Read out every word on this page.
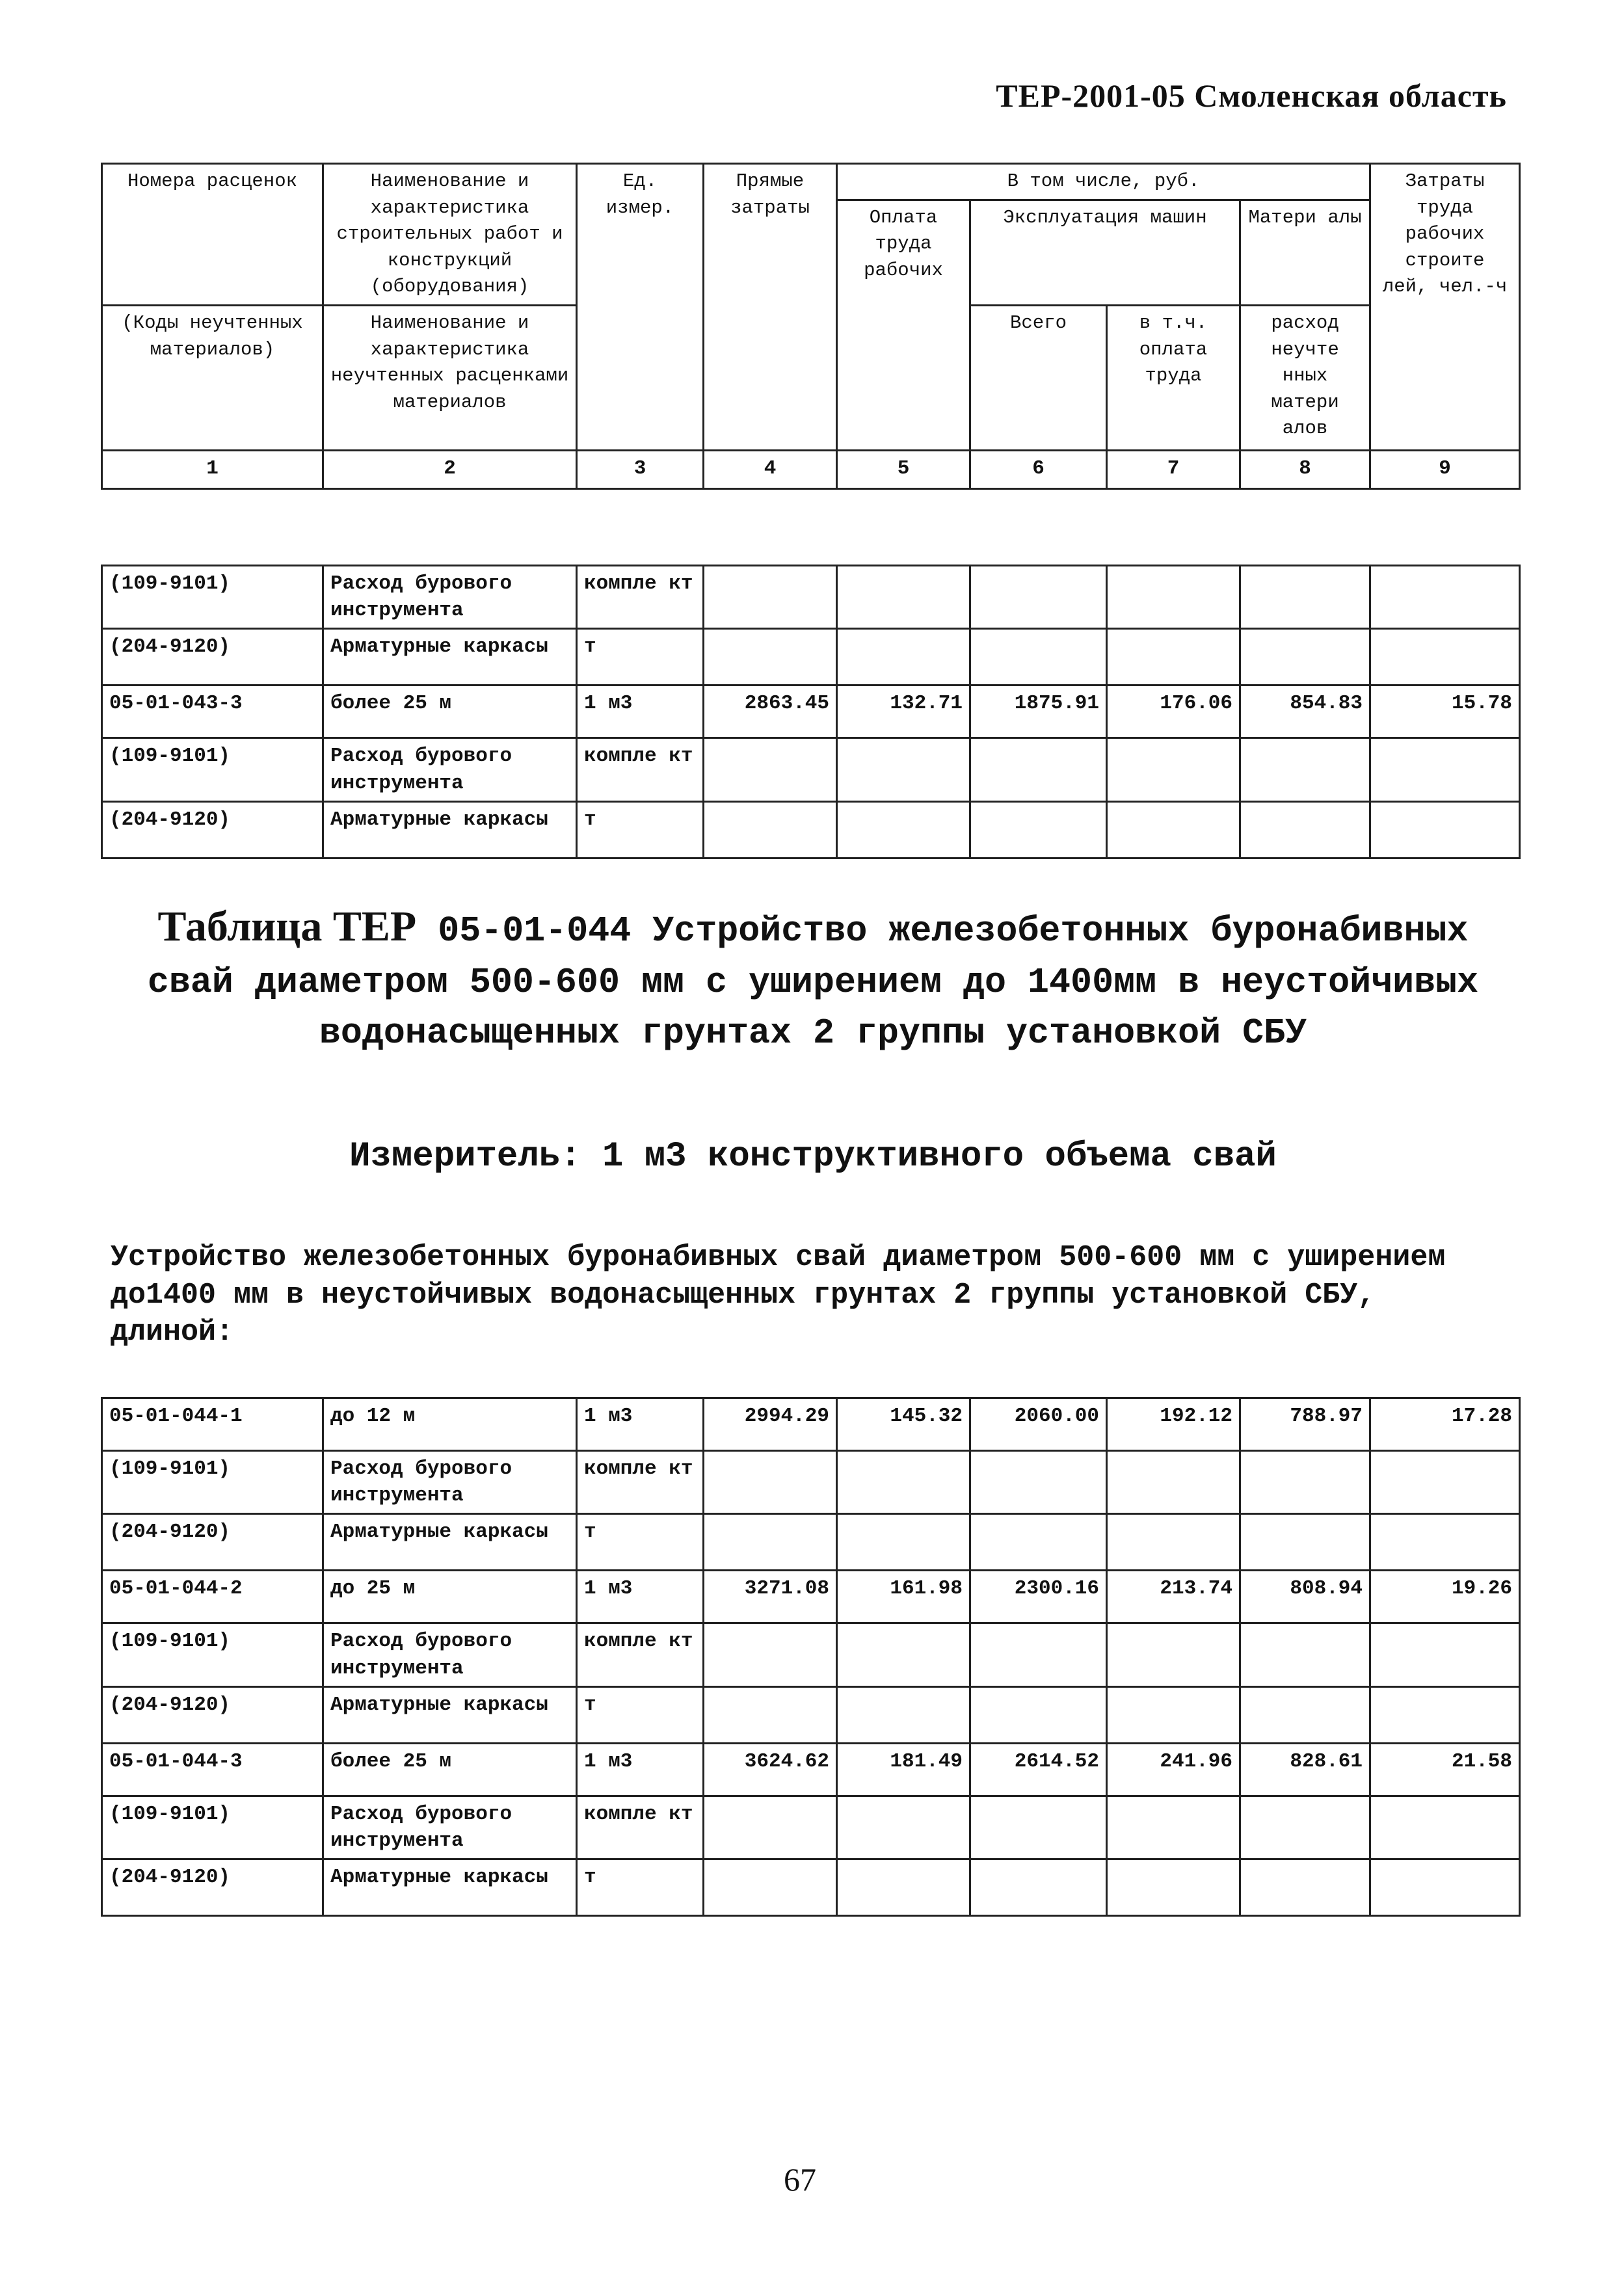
ТЕР-2001-05 Смоленская область
Номера расценок	Наименование и характеристика строительных работ и конструкций (оборудования)	Ед. измер.	Прямые затраты	В том числе, руб.				Затраты труда рабочих строите лей, чел.-ч
				Оплата труда рабочих	Эксплуатация машин		Матери алы	
(Коды неучтенных материалов)	Наименование и характеристика неучтенных расценками материалов				Всего	в т.ч. оплата труда	расход неучте нных матери алов	
1	2	3	4	5	6	7	8	9
(109-9101)	Расход бурового инструмента	компле кт						
(204-9120)	Арматурные каркасы	т						
05-01-043-3	более 25 м	1 м3	2863.45	132.71	1875.91	176.06	854.83	15.78
(109-9101)	Расход бурового инструмента	компле кт						
(204-9120)	Арматурные каркасы	т						
Таблица ТЕР 05-01-044 Устройство железобетонных буронабивных свай диаметром 500-600 мм с уширением до 1400мм в неустойчивых водонасыщенных грунтах 2 группы установкой СБУ
Измеритель: 1 м3 конструктивного объема свай

Устройство железобетонных буронабивных свай диаметром 500-600 мм с уширением до1400 мм в неустойчивых водонасыщенных грунтах 2 группы установкой СБУ, длиной:

05-01-044-1	до 12 м	1 м3	2994.29	145.32	2060.00	192.12	788.97	17.28
(109-9101)	Расход бурового инструмента	компле кт						
(204-9120)	Арматурные каркасы	т						
05-01-044-2	до 25 м	1 м3	3271.08	161.98	2300.16	213.74	808.94	19.26
(109-9101)	Расход бурового инструмента	компле кт						
(204-9120)	Арматурные каркасы	т						
05-01-044-3	более 25 м	1 м3	3624.62	181.49	2614.52	241.96	828.61	21.58
(109-9101)	Расход бурового инструмента	компле кт						
(204-9120)	Арматурные каркасы	т						
67
